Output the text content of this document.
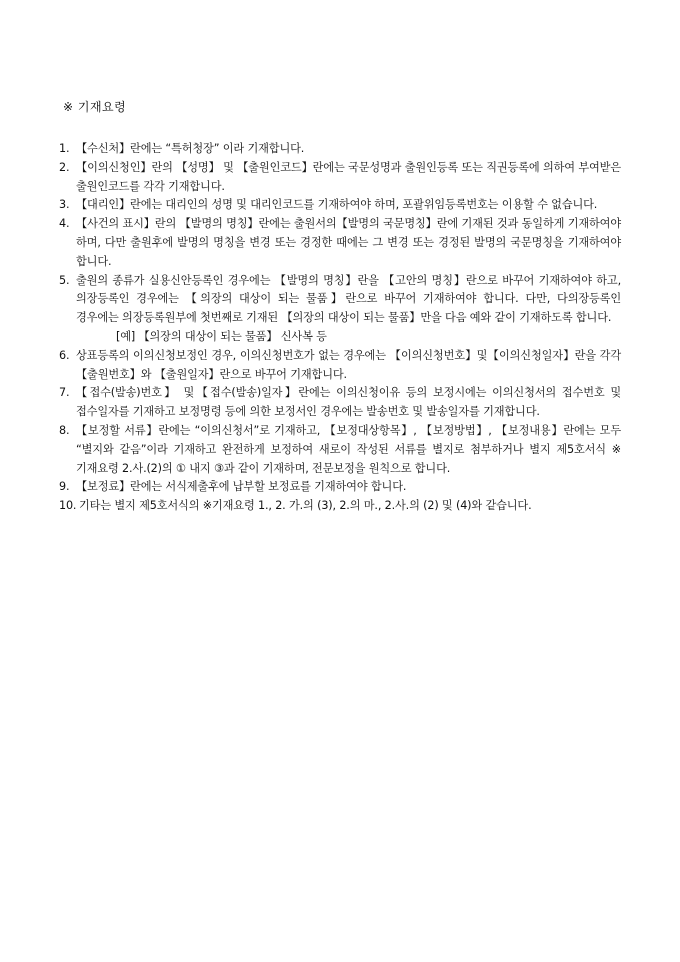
※ 기재요령
1. 【수신처】란에는 “특허청장” 이라 기재합니다.
2. 【이의신청인】란의 【성명】 및 【출원인코드】란에는 국문성명과 출원인등록 또는 직권등록에 의하여 부여받은 출원인코드를 각각 기재합니다.
3. 【대리인】란에는 대리인의 성명 및 대리인코드를 기재하여야 하며, 포괄위임등록번호는 이용할 수 없습니다.
4. 【사건의 표시】란의 【발명의 명칭】란에는 출원서의【발명의 국문명칭】란에 기재된 것과 동일하게 기재하여야 하며, 다만 출원후에 발명의 명칭을 변경 또는 경정한 때에는 그 변경 또는 경정된 발명의 국문명칭을 기재하여야 합니다.
5. 출원의 종류가 실용신안등록인 경우에는 【발명의 명칭】란을 【고안의 명칭】란으로 바꾸어 기재하여야 하고, 의장등록인 경우에는 【의장의 대상이 되는 물품】란으로 바꾸어 기재하여야 합니다. 다만, 다의장등록인 경우에는 의장등록원부에 첫번째로 기재된 【의장의 대상이 되는 물품】만을 다음 예와 같이 기재하도록 합니다.
[예] 【의장의 대상이 되는 물품】 신사복 등
6. 상표등록의 이의신청보정인 경우, 이의신청번호가 없는 경우에는 【이의신청번호】및【이의신청일자】란을 각각 【출원번호】와 【출원일자】란으로 바꾸어 기재합니다.
7. 【접수(발송)번호】 및【접수(발송)일자】란에는 이의신청이유 등의 보정시에는 이의신청서의 접수번호 및 접수일자를 기재하고 보정명령 등에 의한 보정서인 경우에는 발송번호 및 발송일자를 기재합니다.
8. 【보정할 서류】란에는 “이의신청서”로 기재하고, 【보정대상항목】, 【보정방법】, 【보정내용】란에는 모두 “별지와 같음”이라 기재하고 완전하게 보정하여 새로이 작성된 서류를 별지로 첨부하거나 별지 제5호서식 ※기재요령 2.사.(2)의 ① 내지 ③과 같이 기재하며, 전문보정을 원칙으로 합니다.
9. 【보정료】란에는 서식제출후에 납부할 보정료를 기재하여야 합니다.
10. 기타는 별지 제5호서식의 ※기재요령 1., 2. 가.의 (3), 2.의 마., 2.사.의 (2) 및 (4)와 같습니다.
